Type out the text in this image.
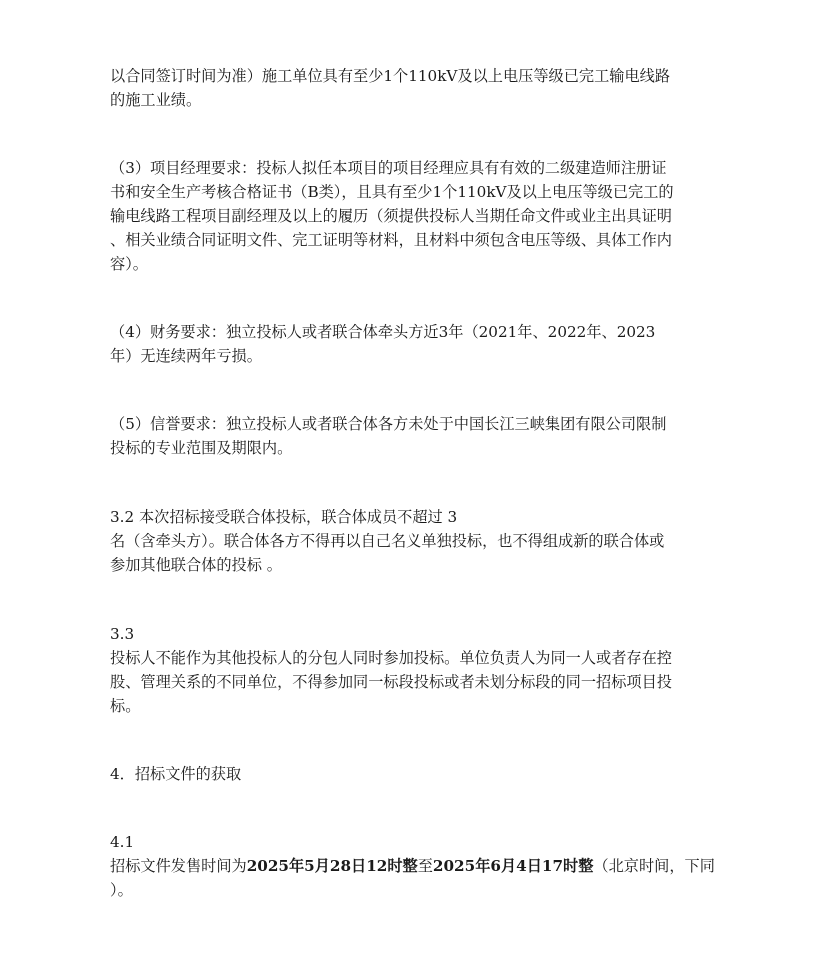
以合同签订时间为准）施工单位具有至少1个110kV及以上电压等级已完工输电线路

的施工业绩。

（3）项目经理要求：投标人拟任本项目的项目经理应具有有效的二级建造师注册证

书和安全生产考核合格证书（B类），且具有至少1个110kV及以上电压等级已完工的

输电线路工程项目副经理及以上的履历（须提供投标人当期任命文件或业主出具证明

、相关业绩合同证明文件、完工证明等材料，且材料中须包含电压等级、具体工作内

容）。

（4）财务要求：独立投标人或者联合体牵头方近3年（2021年、2022年、2023

年）无连续两年亏损。

（5）信誉要求：独立投标人或者联合体各方未处于中国长江三峡集团有限公司限制

投标的专业范围及期限内。

3.2 本次招标接受联合体投标，联合体成员不超过 3

名（含牵头方）。联合体各方不得再以自己名义单独投标，也不得组成新的联合体或

参加其他联合体的投标 。

3.3

投标人不能作为其他投标人的分包人同时参加投标。单位负责人为同一人或者存在控

股、管理关系的不同单位，不得参加同一标段投标或者未划分标段的同一招标项目投

标。

4．招标文件的获取

4.1

招标文件发售时间为2025年5月28日12时整至2025年6月4日17时整（北京时间，下同

）。
